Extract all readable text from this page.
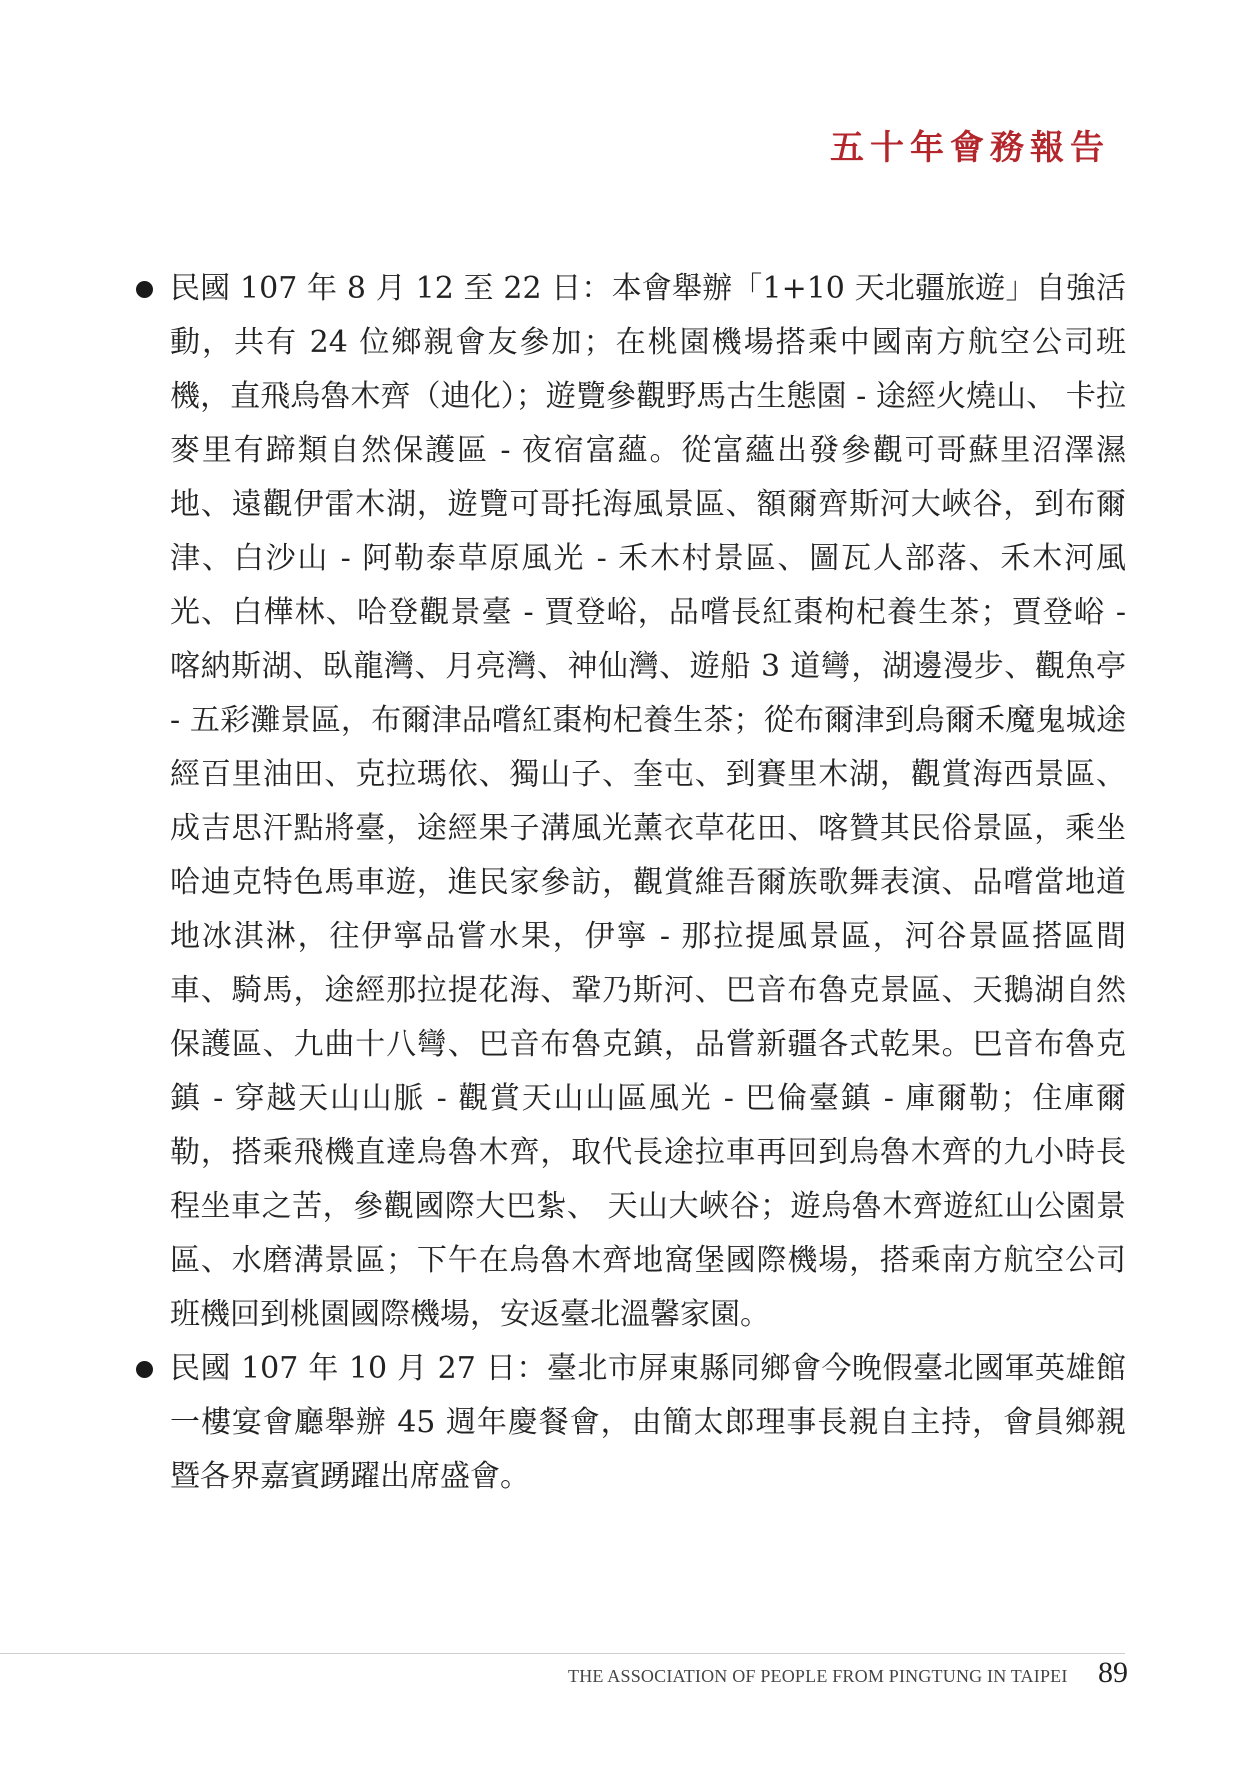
五十年會務報告
民國 107 年 8 月 12 至 22 日：本會舉辦「1+10 天北疆旅遊」自強活動，共有 24 位鄉親會友參加；在桃園機場搭乘中國南方航空公司班機，直飛烏魯木齊（迪化）；遊覽參觀野馬古生態園 - 途經火燒山、 卡拉麥里有蹄類自然保護區 - 夜宿富蘊。從富蘊出發參觀可哥蘇里沼澤濕地、遠觀伊雷木湖，遊覽可哥托海風景區、額爾齊斯河大峽谷，到布爾津、白沙山 - 阿勒泰草原風光 - 禾木村景區、圖瓦人部落、禾木河風光、白樺林、哈登觀景臺 - 賈登峪，品嚐長紅棗枸杞養生茶；賈登峪 - 喀納斯湖、臥龍灣、月亮灣、神仙灣、遊船 3 道彎，湖邊漫步、觀魚亭 - 五彩灘景區，布爾津品嚐紅棗枸杞養生茶；從布爾津到烏爾禾魔鬼城途經百里油田、克拉瑪依、獨山子、奎屯、到賽里木湖，觀賞海西景區、成吉思汗點將臺，途經果子溝風光薰衣草花田、喀贊其民俗景區，乘坐哈迪克特色馬車遊，進民家參訪，觀賞維吾爾族歌舞表演、品嚐當地道地冰淇淋，往伊寧品嘗水果，伊寧 - 那拉提風景區，河谷景區搭區間車、騎馬，途經那拉提花海、鞏乃斯河、巴音布魯克景區、天鵝湖自然保護區、九曲十八彎、巴音布魯克鎮，品嘗新疆各式乾果。巴音布魯克鎮 - 穿越天山山脈 - 觀賞天山山區風光 - 巴倫臺鎮 - 庫爾勒；住庫爾勒，搭乘飛機直達烏魯木齊，取代長途拉車再回到烏魯木齊的九小時長程坐車之苦，參觀國際大巴紮、 天山大峽谷；遊烏魯木齊遊紅山公園景區、水磨溝景區；下午在烏魯木齊地窩堡國際機場，搭乘南方航空公司班機回到桃園國際機場，安返臺北溫馨家園。
民國 107 年 10 月 27 日：臺北市屏東縣同鄉會今晚假臺北國軍英雄館一樓宴會廳舉辦 45 週年慶餐會，由簡太郎理事長親自主持，會員鄉親暨各界嘉賓踴躍出席盛會。
THE ASSOCIATION OF PEOPLE FROM PINGTUNG IN TAIPEI 89
